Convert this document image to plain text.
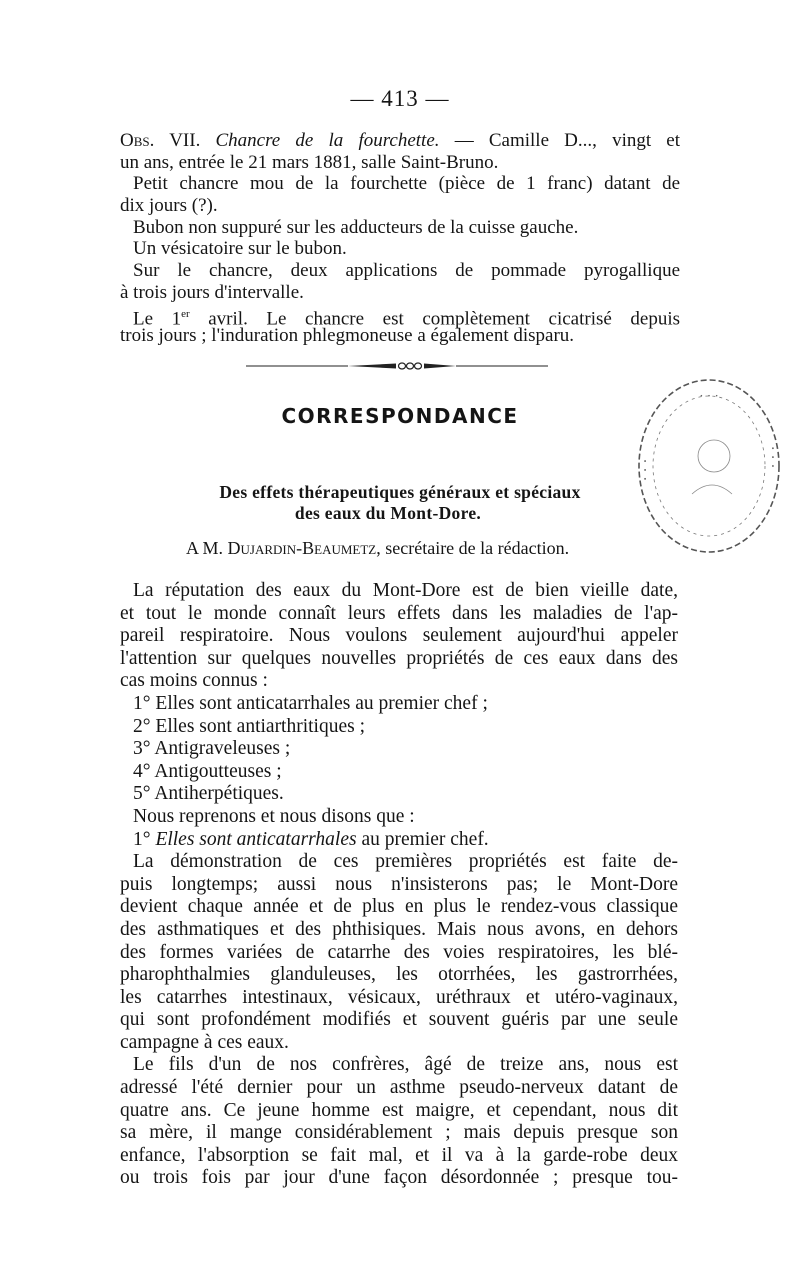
— 413 —
Obs. VII. Chancre de la fourchette. — Camille D..., vingt et
un ans, entrée le 21 mars 1881, salle Saint-Bruno.
Petit chancre mou de la fourchette (pièce de 1 franc) datant de
dix jours (?).
Bubon non suppuré sur les adducteurs de la cuisse gauche.
Un vésicatoire sur le bubon.
Sur le chancre, deux applications de pommade pyrogallique
à trois jours d'intervalle.
Le 1er avril. Le chancre est complètement cicatrisé depuis
trois jours ; l'induration phlegmoneuse a également disparu.
CORRESPONDANCE
Des effets thérapeutiques généraux et spéciaux
des eaux du Mont-Dore.
A M. Dujardin-Beaumetz, secrétaire de la rédaction.
· · ·
· · ·
· · ·
La réputation des eaux du Mont-Dore est de bien vieille date,
et tout le monde connaît leurs effets dans les maladies de l'ap-
pareil respiratoire. Nous voulons seulement aujourd'hui appeler
l'attention sur quelques nouvelles propriétés de ces eaux dans des
cas moins connus :
1° Elles sont anticatarrhales au premier chef ;
2° Elles sont antiarthritiques ;
3° Antigraveleuses ;
4° Antigoutteuses ;
5° Antiherpétiques.
Nous reprenons et nous disons que :
1° Elles sont anticatarrhales au premier chef.
La démonstration de ces premières propriétés est faite de-
puis longtemps; aussi nous n'insisterons pas; le Mont-Dore
devient chaque année et de plus en plus le rendez-vous classique
des asthmatiques et des phthisiques. Mais nous avons, en dehors
des formes variées de catarrhe des voies respiratoires, les blé-
pharophthalmies glanduleuses, les otorrhées, les gastrorrhées,
les catarrhes intestinaux, vésicaux, uréthraux et utéro-vaginaux,
qui sont profondément modifiés et souvent guéris par une seule
campagne à ces eaux.
Le fils d'un de nos confrères, âgé de treize ans, nous est
adressé l'été dernier pour un asthme pseudo-nerveux datant de
quatre ans. Ce jeune homme est maigre, et cependant, nous dit
sa mère, il mange considérablement ; mais depuis presque son
enfance, l'absorption se fait mal, et il va à la garde-robe deux
ou trois fois par jour d'une façon désordonnée ; presque tou-
